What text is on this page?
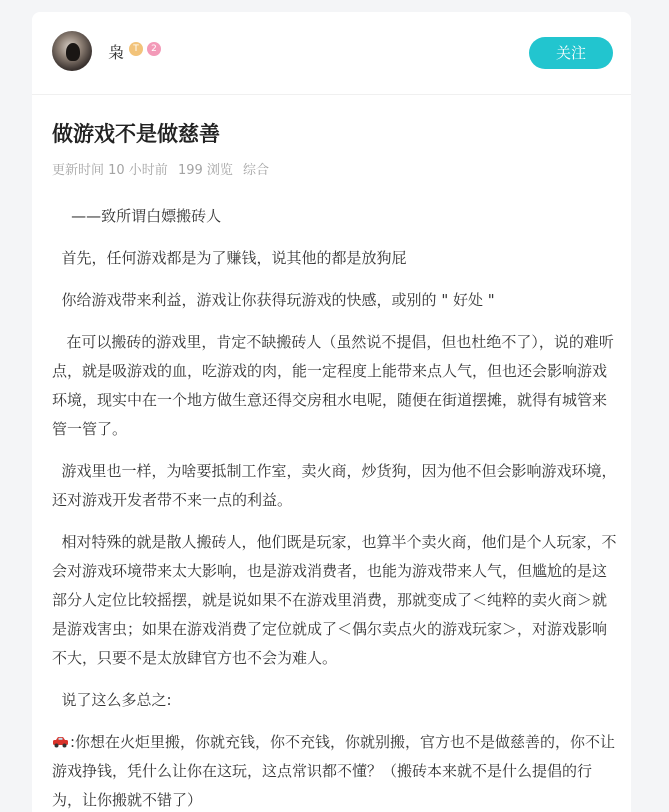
枭	T	2	关注
做游戏不是做慈善
更新时间 10 小时前 199 浏览 综合

——致所谓白嫖搬砖人

首先，任何游戏都是为了赚钱，说其他的都是放狗屁

你给游戏带来利益，游戏让你获得玩游戏的快感，或别的 " 好处 "

在可以搬砖的游戏里，肯定不缺搬砖人（虽然说不提倡，但也杜绝不了），说的难听点，就是吸游戏的血，吃游戏的肉，能一定程度上能带来点人气，但也还会影响游戏环境，现实中在一个地方做生意还得交房租水电呢，随便在街道摆摊，就得有城管来管一管了。

游戏里也一样，为啥要抵制工作室，卖火商，炒货狗，因为他不但会影响游戏环境，还对游戏开发者带不来一点的利益。

相对特殊的就是散人搬砖人，他们既是玩家，也算半个卖火商，他们是个人玩家，不会对游戏环境带来太大影响，也是游戏消费者，也能为游戏带来人气，但尴尬的是这部分人定位比较摇摆，就是说如果不在游戏里消费，那就变成了＜纯粹的卖火商＞就是游戏害虫；如果在游戏消费了定位就成了＜偶尔卖点火的游戏玩家＞，对游戏影响不大，只要不是太放肆官方也不会为难人。

说了这么多总之:

:你想在火炬里搬，你就充钱，你不充钱，你就别搬，官方也不是做慈善的，你不让游戏挣钱，凭什么让你在这玩，这点常识都不懂？（搬砖本来就不是什么提倡的行为，让你搬就不错了）
